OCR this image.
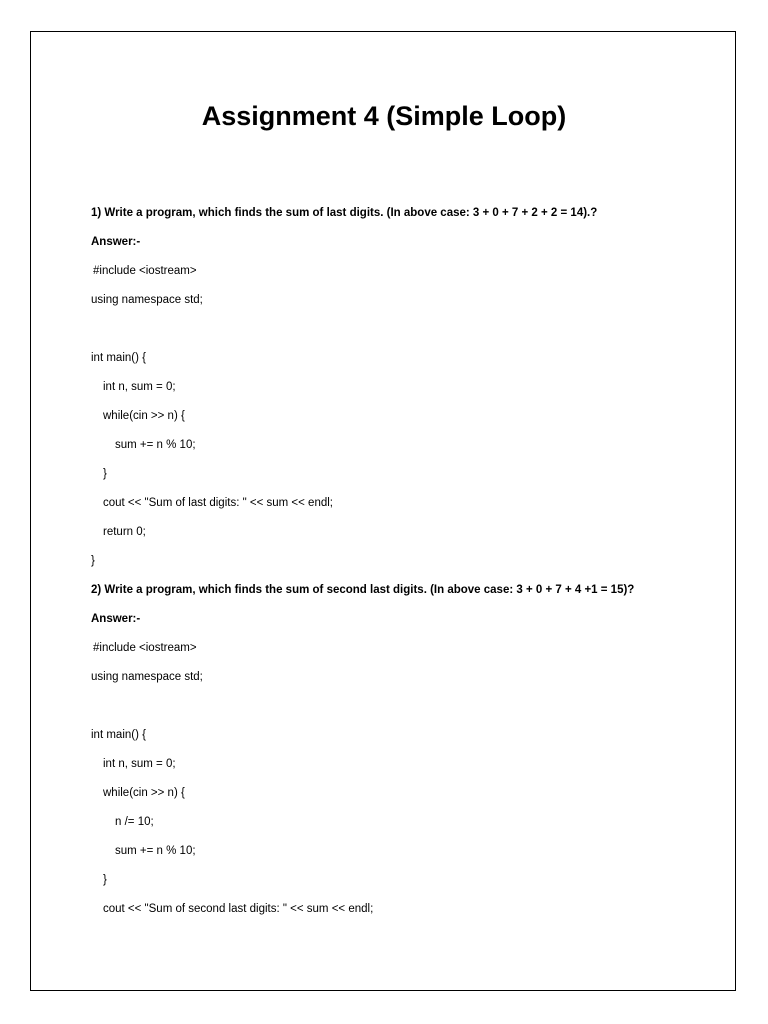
Assignment 4 (Simple Loop)
1) Write a program, which finds the sum of last digits. (In above case: 3 + 0 + 7 + 2 + 2 = 14).?
Answer:-
#include <iostream>
using namespace std;
int main() {
int n, sum = 0;
while(cin >> n) {
sum += n % 10;
}
cout << "Sum of last digits: " << sum << endl;
return 0;
}
2) Write a program, which finds the sum of second last digits. (In above case: 3 + 0 + 7 + 4 +1 = 15)?
Answer:-
#include <iostream>
using namespace std;
int main() {
int n, sum = 0;
while(cin >> n) {
n /= 10;
sum += n % 10;
}
cout << "Sum of second last digits: " << sum << endl;
